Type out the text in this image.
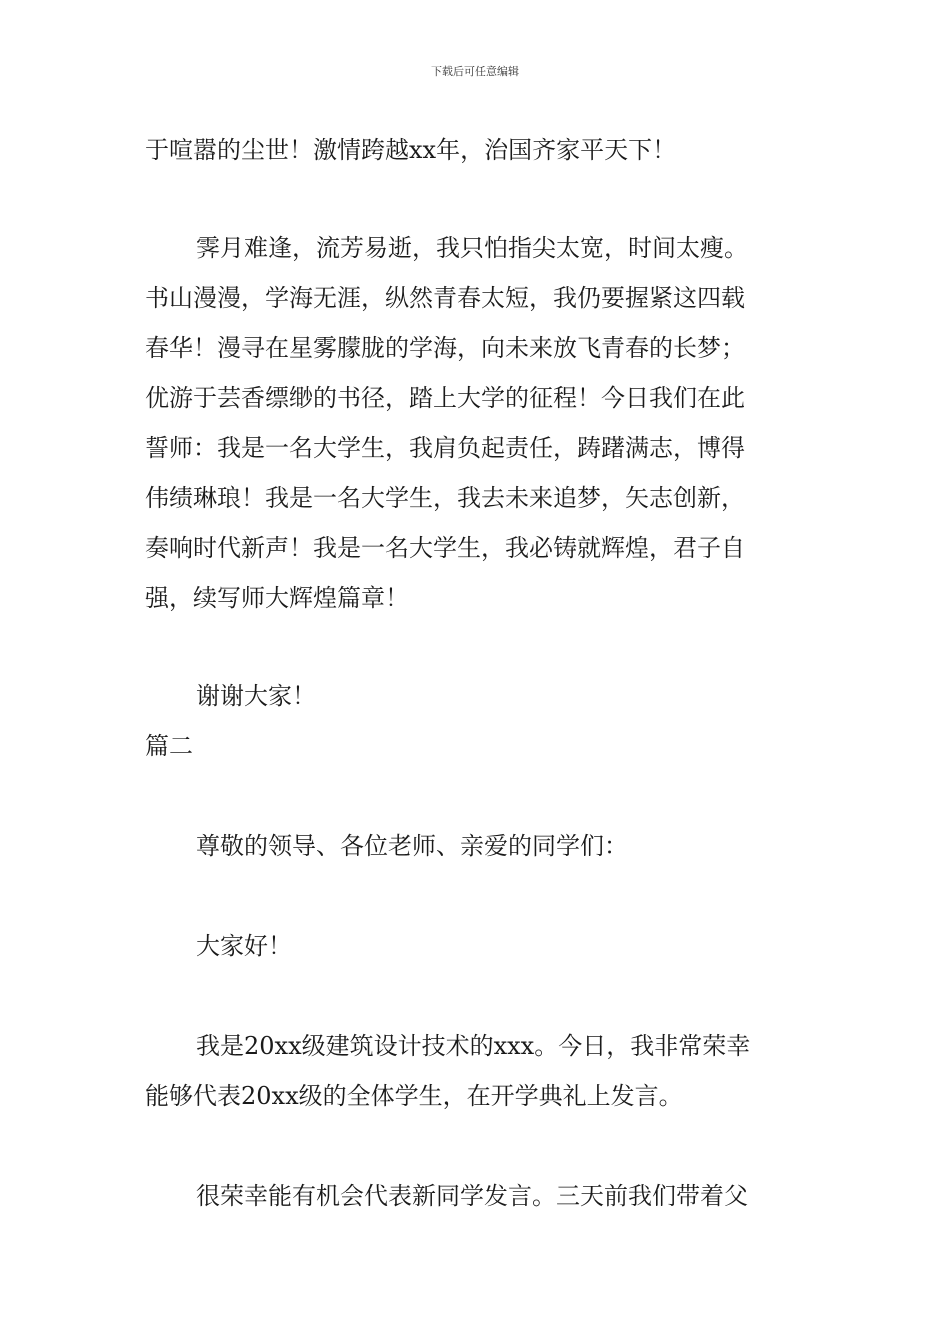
下载后可任意编辑
于喧嚣的尘世！激情跨越xx年，治国齐家平天下！
霁月难逢，流芳易逝，我只怕指尖太宽，时间太瘦。
书山漫漫，学海无涯，纵然青春太短，我仍要握紧这四载
春华！漫寻在星雾朦胧的学海，向未来放飞青春的长梦；
优游于芸香缥缈的书径，踏上大学的征程！今日我们在此
誓师：我是一名大学生，我肩负起责任，踌躇满志，博得
伟绩琳琅！我是一名大学生，我去未来追梦，矢志创新，
奏响时代新声！我是一名大学生，我必铸就辉煌，君子自
强，续写师大辉煌篇章！
谢谢大家！
篇二
尊敬的领导、各位老师、亲爱的同学们：
大家好！
我是20xx级建筑设计技术的xxx。今日，我非常荣幸
能够代表20xx级的全体学生，在开学典礼上发言。
很荣幸能有机会代表新同学发言。三天前我们带着父
